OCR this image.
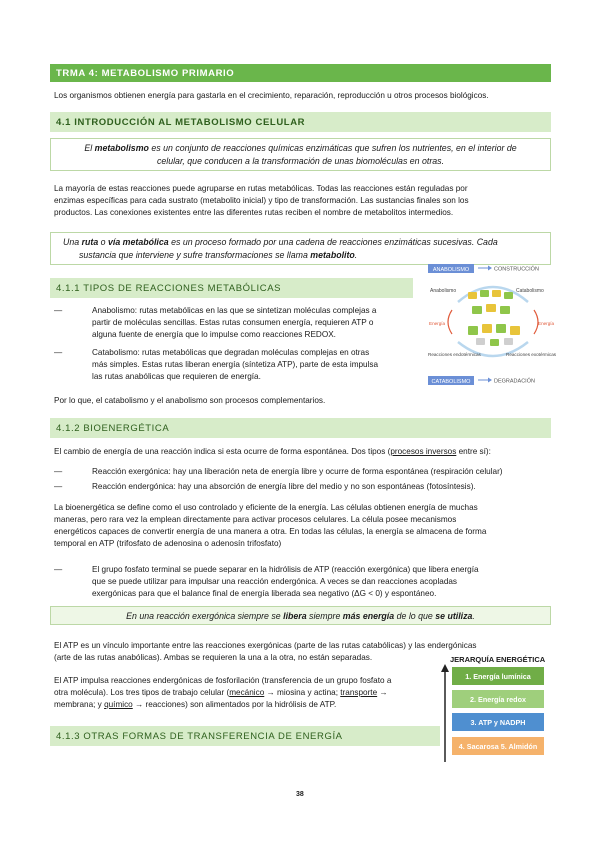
TRMA 4: METABOLISMO PRIMARIO
Los organismos obtienen energía para gastarla en el crecimiento, reparación, reproducción u otros procesos biológicos.
4.1 INTRODUCCIÓN AL METABOLISMO CELULAR
El metabolismo es un conjunto de reacciones químicas enzimáticas que sufren los nutrientes, en el interior de
celular, que conducen a la transformación de unas biomoléculas en otras.
La mayoría de estas reacciones puede agruparse en rutas metabólicas. Todas las reacciones están reguladas por
enzimas específicas para cada sustrato (metabolito inicial) y tipo de transformación. Las sustancias finales son los
productos. Las conexiones existentes entre las diferentes rutas reciben el nombre de metabolitos intermedios.
Una ruta o vía metabólica es un proceso formado por una cadena de reacciones enzimáticas sucesivas. Cada
sustancia que interviene y sufre transformaciones se llama metabolito.
4.1.1 TIPOS DE REACCIONES METABÓLICAS
—	Anabolismo: rutas metabólicas en las que se sintetizan moléculas complejas a
partir de moléculas sencillas. Estas rutas consumen energía, requieren ATP o
alguna fuente de energía que lo impulse como reacciones REDOX.
—	Catabolismo: rutas metabólicas que degradan moléculas complejas en otras
más simples. Estas rutas liberan energía (síntetiza ATP), parte de esta impulsa
las rutas anabólicas que requieren de energía.
Por lo que, el catabolismo y el anabolismo son procesos complementarios.
ANABOLISMO	CONSTRUCCIÓN
Anabolismo	Catabolismo
Energía	Energía
Reacciones endotérmicas	Reacciones exotérmicas
CATABOLISMO	DEGRADACIÓN
4.1.2 BIOENERGÉTICA
El cambio de energía de una reacción indica si esta ocurre de forma espontánea. Dos tipos (procesos inversos entre sí):
—	Reacción exergónica: hay una liberación neta de energía libre y ocurre de forma espontánea (respiración celular)
—	Reacción endergónica: hay una absorción de energía libre del medio y no son espontáneas (fotosíntesis).
La bioenergética se define como el uso controlado y eficiente de la energía. Las células obtienen energía de muchas
maneras, pero rara vez la emplean directamente para activar procesos celulares. La célula posee mecanismos
energéticos capaces de convertir energía de una manera a otra. En todas las células, la energía se almacena de forma
temporal en ATP (trifosfato de adenosina o adenosín trifosfato)
—	El grupo fosfato terminal se puede separar en la hidrólisis de ATP (reacción exergónica) que libera energía
que se puede utilizar para impulsar una reacción endergónica. A veces se dan reacciones acopladas
exergónicas para que el balance final de energía liberada sea negativo (ΔG < 0) y espontáneo.
En una reacción exergónica siempre se libera siempre más energía de lo que se utiliza.
El ATP es un vínculo importante entre las reacciones exergónicas (parte de las rutas catabólicas) y las endergónicas
(arte de las rutas anabólicas). Ambas se requieren la una a la otra, no están separadas.
El ATP impulsa reacciones endergónicas de fosforilación (transferencia de un grupo fosfato a
otra molécula). Los tres tipos de trabajo celular (mecánico → miosina y actina; transporte →
membrana; y químico → reacciones) son alimentados por la hidrólisis de ATP.
JERARQUÍA ENERGÉTICA
1. Energía lumínica
2. Energía redox
3. ATP y NADPH
4. Sacarosa 5. Almidón
4.1.3 OTRAS FORMAS DE TRANSFERENCIA DE ENERGÍA
38
